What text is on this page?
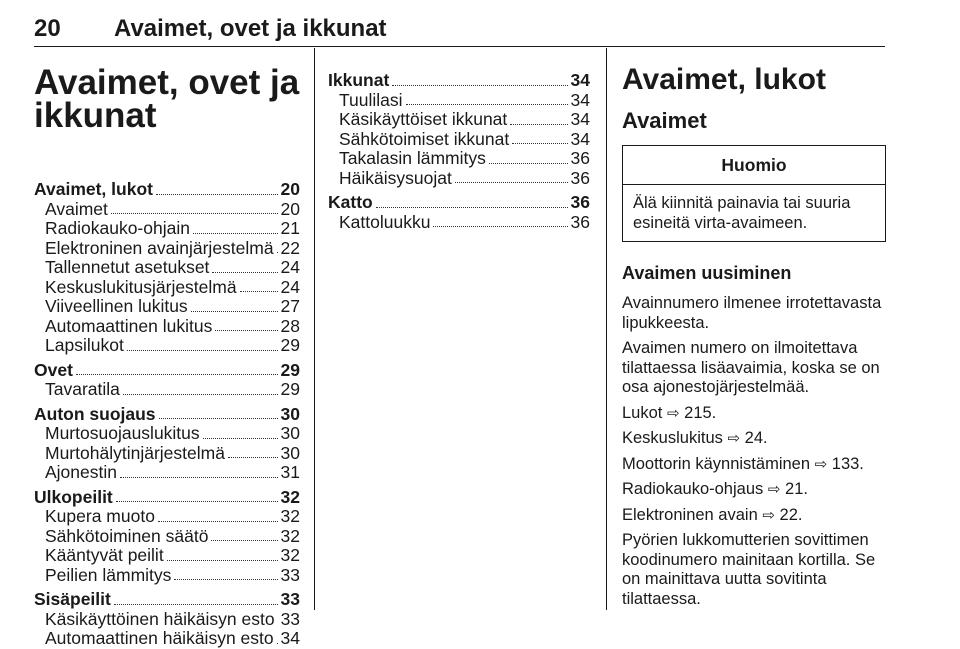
20 Avaimet, ovet ja ikkunat
Avaimet, ovet ja
ikkunat
Avaimet, lukot	20
Avaimet	20
Radiokauko-ohjain	21
Elektroninen avainjärjestelmä 22
Tallennetut asetukset	24
Keskuslukitusjärjestelmä	24
Viiveellinen lukitus	27
Automaattinen lukitus	28
Lapsilukot	29
Ovet	29
Tavaratila	29
Auton suojaus	30
Murtosuojauslukitus	30
Murtohälytinjärjestelmä	30
Ajonestin	31
Ulkopeilit	32
Kupera muoto	32
Sähkötoiminen säätö	32
Kääntyvät peilit	32
Peilien lämmitys	33
Sisäpeilit	33
Käsikäyttöinen häikäisyn esto 33
Automaattinen häikäisyn esto 34
Ikkunat	34
Tuulilasi	34
Käsikäyttöiset ikkunat	34
Sähkötoimiset ikkunat	34
Takalasin lämmitys	36
Häikäisysuojat	36
Katto	36
Kattoluukku	36
Avaimet, lukot
Avaimet
Huomio
Älä kiinnitä painavia tai suuria esineitä virta-avaimeen.
Avaimen uusiminen

Avainnumero ilmenee irrotettavasta lipukkeesta.

Avaimen numero on ilmoitettava tilattaessa lisäavaimia, koska se on osa ajonestojärjestelmää.

Lukot ⇨ 215.

Keskuslukitus ⇨ 24.

Moottorin käynnistäminen ⇨ 133.

Radiokauko-ohjaus ⇨ 21.

Elektroninen avain ⇨ 22.

Pyörien lukkomutterien sovittimen koodinumero mainitaan kortilla. Se on mainittava uutta sovitinta tilattaessa.
